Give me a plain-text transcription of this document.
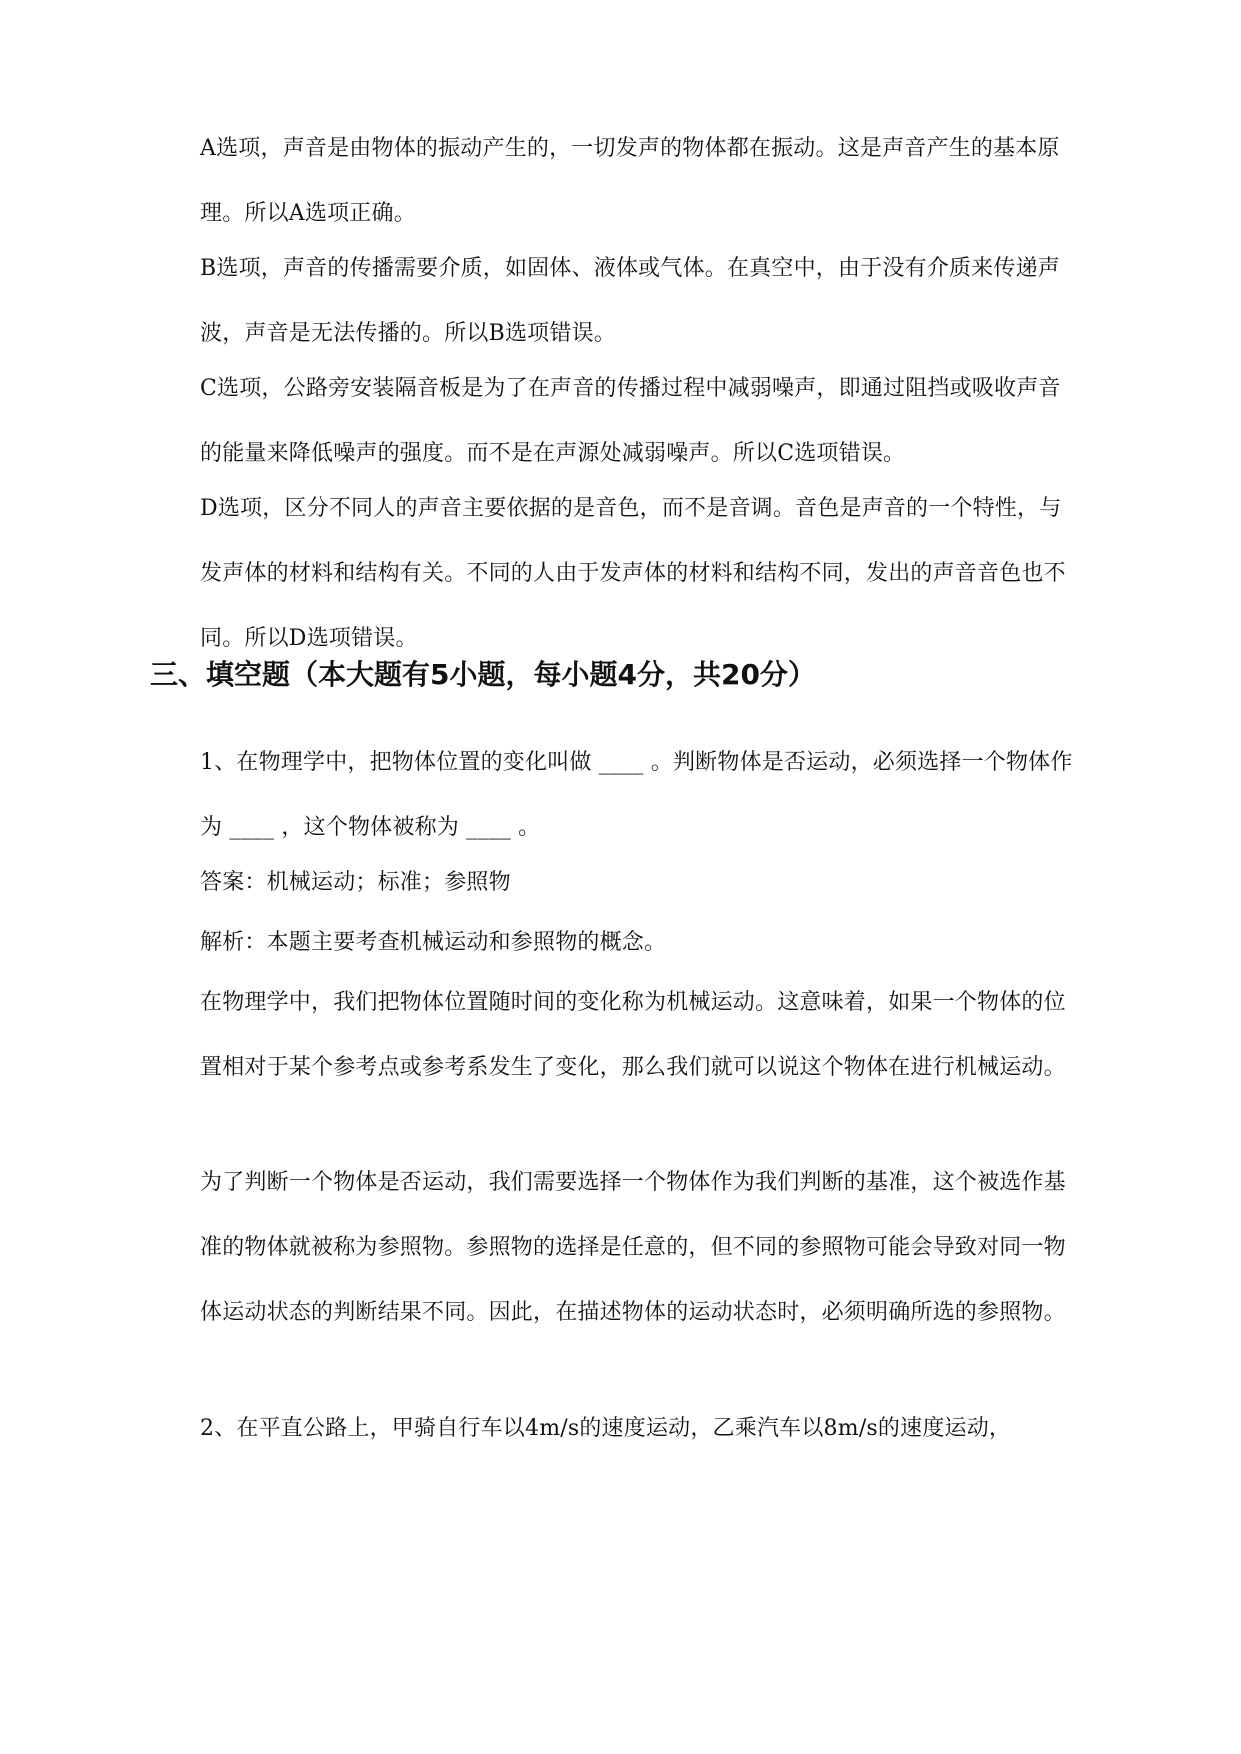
A选项，声音是由物体的振动产生的，一切发声的物体都在振动。这是声音产生的基本原理。所以A选项正确。
B选项，声音的传播需要介质，如固体、液体或气体。在真空中，由于没有介质来传递声波，声音是无法传播的。所以B选项错误。
C选项，公路旁安装隔音板是为了在声音的传播过程中减弱噪声，即通过阻挡或吸收声音的能量来降低噪声的强度。而不是在声源处减弱噪声。所以C选项错误。
D选项，区分不同人的声音主要依据的是音色，而不是音调。音色是声音的一个特性，与发声体的材料和结构有关。不同的人由于发声体的材料和结构不同，发出的声音音色也不同。所以D选项错误。
三、填空题（本大题有5小题，每小题4分，共20分）
1、在物理学中，把物体位置的变化叫做 ____ 。判断物体是否运动，必须选择一个物体作为 ____ ，这个物体被称为 ____ 。
答案：机械运动；标准；参照物
解析：本题主要考查机械运动和参照物的概念。
在物理学中，我们把物体位置随时间的变化称为机械运动。这意味着，如果一个物体的位置相对于某个参考点或参考系发生了变化，那么我们就可以说这个物体在进行机械运动。
为了判断一个物体是否运动，我们需要选择一个物体作为我们判断的基准，这个被选作基准的物体就被称为参照物。参照物的选择是任意的，但不同的参照物可能会导致对同一物体运动状态的判断结果不同。因此，在描述物体的运动状态时，必须明确所选的参照物。
2、在平直公路上，甲骑自行车以4m/s的速度运动，乙乘汽车以8m/s的速度运动，
